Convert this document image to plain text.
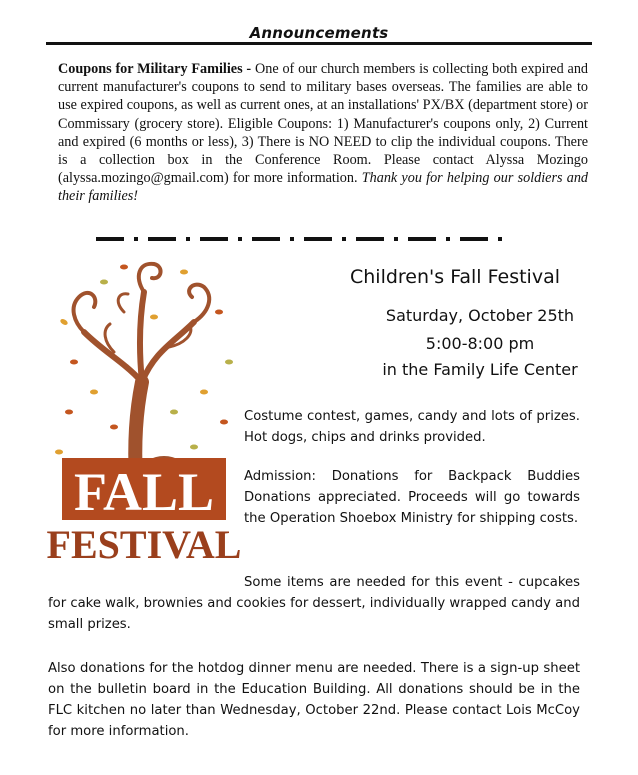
Announcements
Coupons for Military Families - One of our church members is collecting both expired and current manufacturer's coupons to send to military bases overseas. The families are able to use expired coupons, as well as current ones, at an installations' PX/BX (department store) or Commissary (grocery store). Eligible Coupons: 1) Manufacturer's coupons only, 2) Current and expired (6 months or less), 3) There is NO NEED to clip the individual coupons. There is a collection box in the Conference Room. Please contact Alyssa Mozingo (alyssa.mozingo@gmail.com) for more information. Thank you for helping our soldiers and their families!
FALL
FESTIVAL
Children's Fall Festival
Saturday, October 25th
5:00-8:00 pm
in the Family Life Center
Costume contest, games, candy and lots of prizes. Hot dogs, chips and drinks provided.
Admission: Donations for Backpack Buddies Donations appreciated. Proceeds will go towards the Operation Shoebox Ministry for shipping costs.
Some items are needed for this event - cupcakes for cake walk, brownies and cookies for dessert, individually wrapped candy and small prizes.
Also donations for the hotdog dinner menu are needed. There is a sign-up sheet on the bulletin board in the Education Building. All donations should be in the FLC kitchen no later than Wednesday, October 22nd. Please contact Lois McCoy for more information.
